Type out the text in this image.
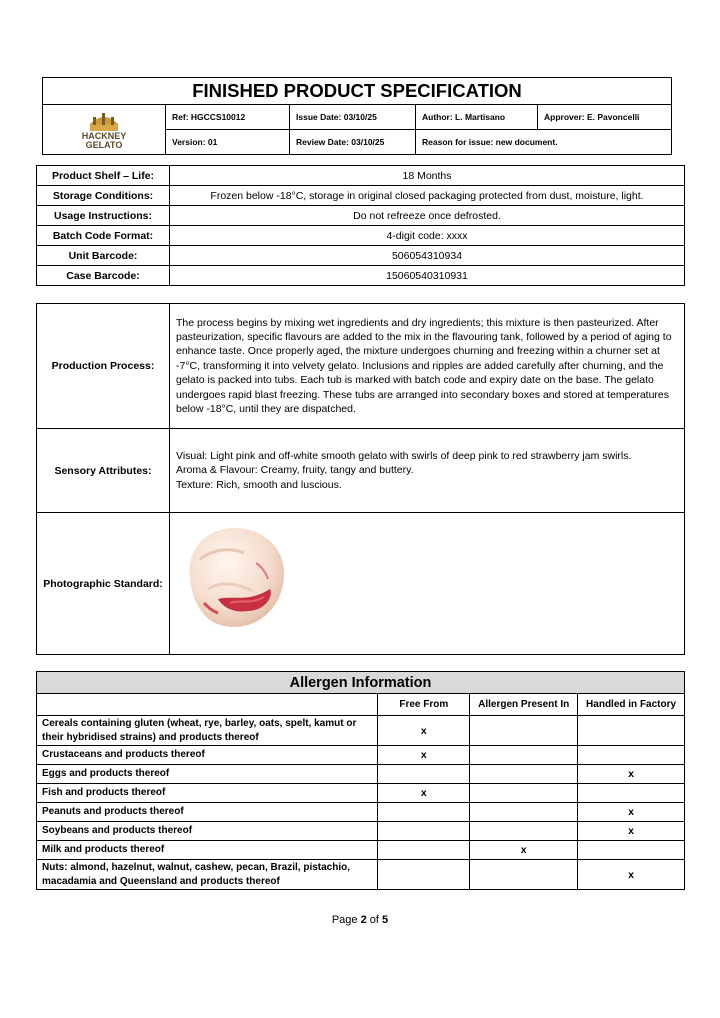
FINISHED PRODUCT SPECIFICATION				

HACKNEY
GELATO	Ref: HGCCS10012	Issue Date: 03/10/25	Author: L. Martisano	Approver: E. Pavoncelli
	Version: 01	Review Date: 03/10/25	Reason for issue: new document.	
Product Shelf – Life:	18 Months
Storage Conditions:	Frozen below -18°C, storage in original closed packaging protected from dust, moisture, light.
Usage Instructions:	Do not refreeze once defrosted.
Batch Code Format:	4-digit code: xxxx
Unit Barcode:	506054310934
Case Barcode:	15060540310931
Production Process:	The process begins by mixing wet ingredients and dry ingredients; this mixture is then pasteurized. After pasteurization, specific flavours are added to the mix in the flavouring tank, followed by a period of aging to enhance taste. Once properly aged, the mixture undergoes churning and freezing within a churner set at -7°C, transforming it into velvety gelato. Inclusions and ripples are added carefully after churning, and the gelato is packed into tubs. Each tub is marked with batch code and expiry date on the base. The gelato undergoes rapid blast freezing. These tubs are arranged into secondary boxes and stored at temperatures below -18°C, until they are dispatched.
Sensory Attributes:	Visual: Light pink and off-white smooth gelato with swirls of deep pink to red strawberry jam swirls.
Aroma & Flavour: Creamy, fruity, tangy and buttery.
Texture: Rich, smooth and luscious.

Photographic Standard:	
Allergen Information			
	Free From	Allergen Present In	Handled in Factory
Cereals containing gluten (wheat, rye, barley, oats, spelt, kamut or their hybridised strains) and products thereof	x		
Crustaceans and products thereof	x		
Eggs and products thereof			x
Fish and products thereof	x		
Peanuts and products thereof			x
Soybeans and products thereof			x
Milk and products thereof		x	
Nuts: almond, hazelnut, walnut, cashew, pecan, Brazil, pistachio, macadamia and Queensland and products thereof			x
Page 2 of 5
